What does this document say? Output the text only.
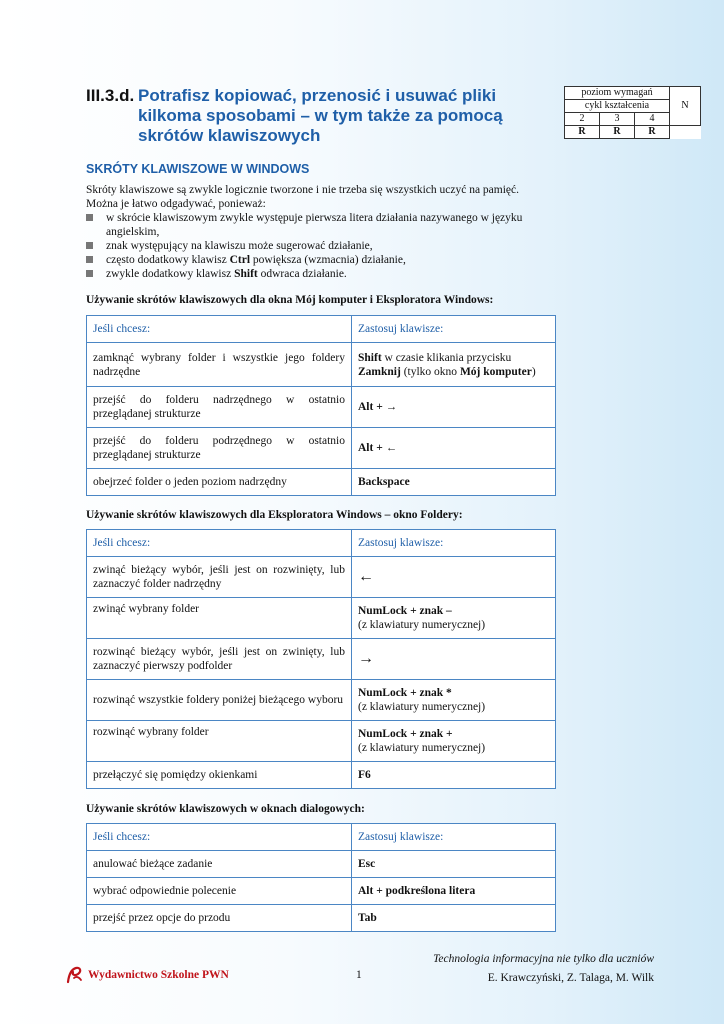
III.3.d. Potrafisz kopiować, przenosić i usuwać pliki kilkoma sposobami – w tym także za pomocą skrótów klawiszowych
poziom wymagań			N
cykl kształcenia			
2	3	4	
R	R	R	
SKRÓTY KLAWISZOWE W WINDOWS

Skróty klawiszowe są zwykle logicznie tworzone i nie trzeba się wszystkich uczyć na pamięć.

Można je łatwo odgadywać, ponieważ:

w skrócie klawiszowym zwykle występuje pierwsza litera działania nazywanego w języku angielskim,
znak występujący na klawiszu może sugerować działanie,
często dodatkowy klawisz Ctrl powiększa (wzmacnia) działanie,
zwykle dodatkowy klawisz Shift odwraca działanie.
Używanie skrótów klawiszowych dla okna Mój komputer i Eksploratora Windows:
Jeśli chcesz:	Zastosuj klawisze:
zamknąć wybrany folder i wszystkie jego foldery nadrzędne	Shift w czasie klikania przycisku
Zamknij (tylko okno Mój komputer)
przejść do folderu nadrzędnego w ostatnio przeglądanej strukturze	Alt + →
przejść do folderu podrzędnego w ostatnio przeglądanej strukturze	Alt + ←
obejrzeć folder o jeden poziom nadrzędny	Backspace
Używanie skrótów klawiszowych dla Eksploratora Windows – okno Foldery:
Jeśli chcesz:	Zastosuj klawisze:
zwinąć bieżący wybór, jeśli jest on rozwinięty, lub zaznaczyć folder nadrzędny	←
zwinąć wybrany folder	NumLock + znak –
(z klawiatury numerycznej)
rozwinąć bieżący wybór, jeśli jest on zwinięty, lub zaznaczyć pierwszy podfolder	→
rozwinąć wszystkie foldery poniżej bieżącego wyboru	NumLock + znak *
(z klawiatury numerycznej)
rozwinąć wybrany folder	NumLock + znak +
(z klawiatury numerycznej)
przełączyć się pomiędzy okienkami	F6
Używanie skrótów klawiszowych w oknach dialogowych:
Jeśli chcesz:	Zastosuj klawisze:
anulować bieżące zadanie	Esc
wybrać odpowiednie polecenie	Alt + podkreślona litera
przejść przez opcje do przodu	Tab
Wydawnictwo Szkolne PWN	1
Technologia informacyjna nie tylko dla uczniów
E. Krawczyński, Z. Talaga, M. Wilk
